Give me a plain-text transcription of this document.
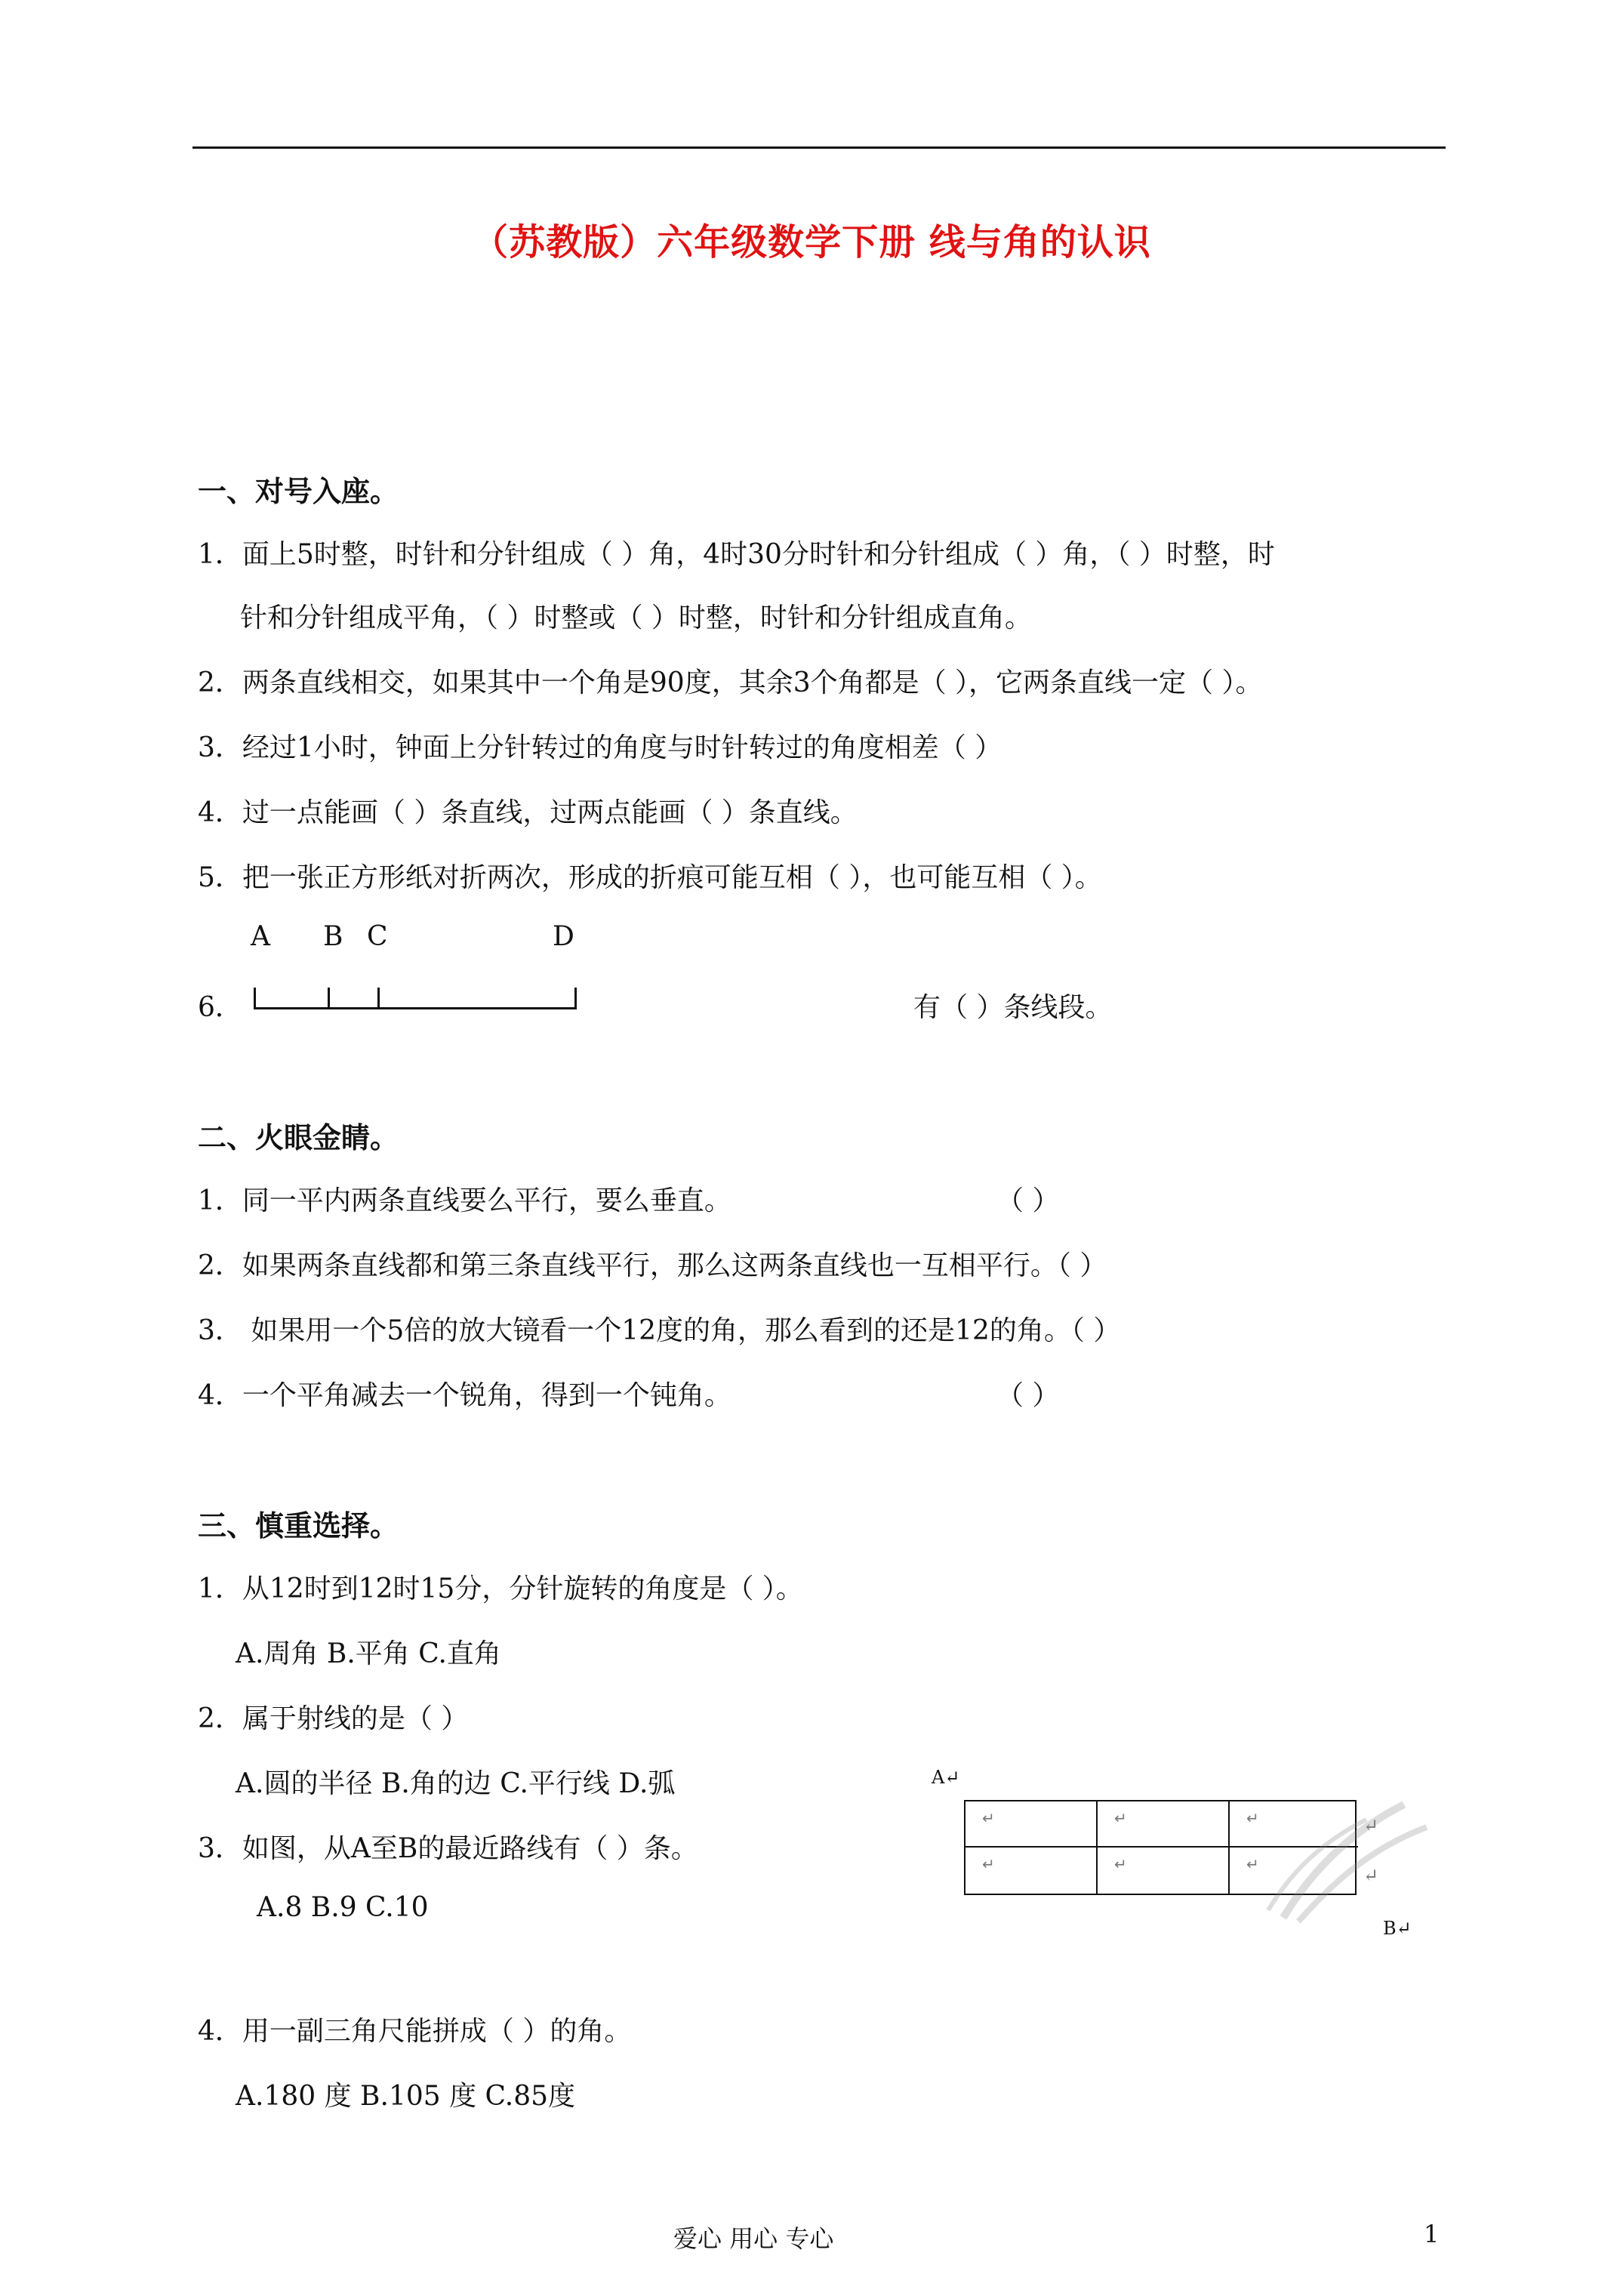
（苏教版）六年级数学下册 线与角的认识
一、对号入座。
1．面上5时整，时针和分针组成（ ）角，4时30分时针和分针组成（ ）角，（ ）时整，时
针和分针组成平角，（ ）时整或（ ）时整，时针和分针组成直角。
2．两条直线相交，如果其中一个角是90度，其余3个角都是（ ），它两条直线一定（ ）。
3．经过1小时，钟面上分针转过的角度与时针转过的角度相差（ ）
4．过一点能画（ ）条直线，过两点能画（ ）条直线。
5．把一张正方形纸对折两次，形成的折痕可能互相（ ），也可能互相（ ）。
A B C	D
6．	有（ ）条线段。
二、火眼金睛。
1．同一平内两条直线要么平行，要么垂直。	（ ）
2．如果两条直线都和第三条直线平行，那么这两条直线也一互相平行。（ ）
3． 如果用一个5倍的放大镜看一个12度的角，那么看到的还是12的角。（ ）
4．一个平角减去一个锐角，得到一个钝角。	（ ）
三、慎重选择。
1．从12时到12时15分，分针旋转的角度是（ ）。
A.周角 B.平角 C.直角
2．属于射线的是（ ）
A.圆的半径 B.角的边 C.平行线 D.弧
3．如图，从A至B的最近路线有（ ）条。
A.8 B.9 C.10
A↵
↵	↵	↵
↵	↵	↵
↵
↵
B↵
4．用一副三角尺能拼成（ ）的角。
A.180 度 B.105 度 C.85度
爱心 用心 专心	1
